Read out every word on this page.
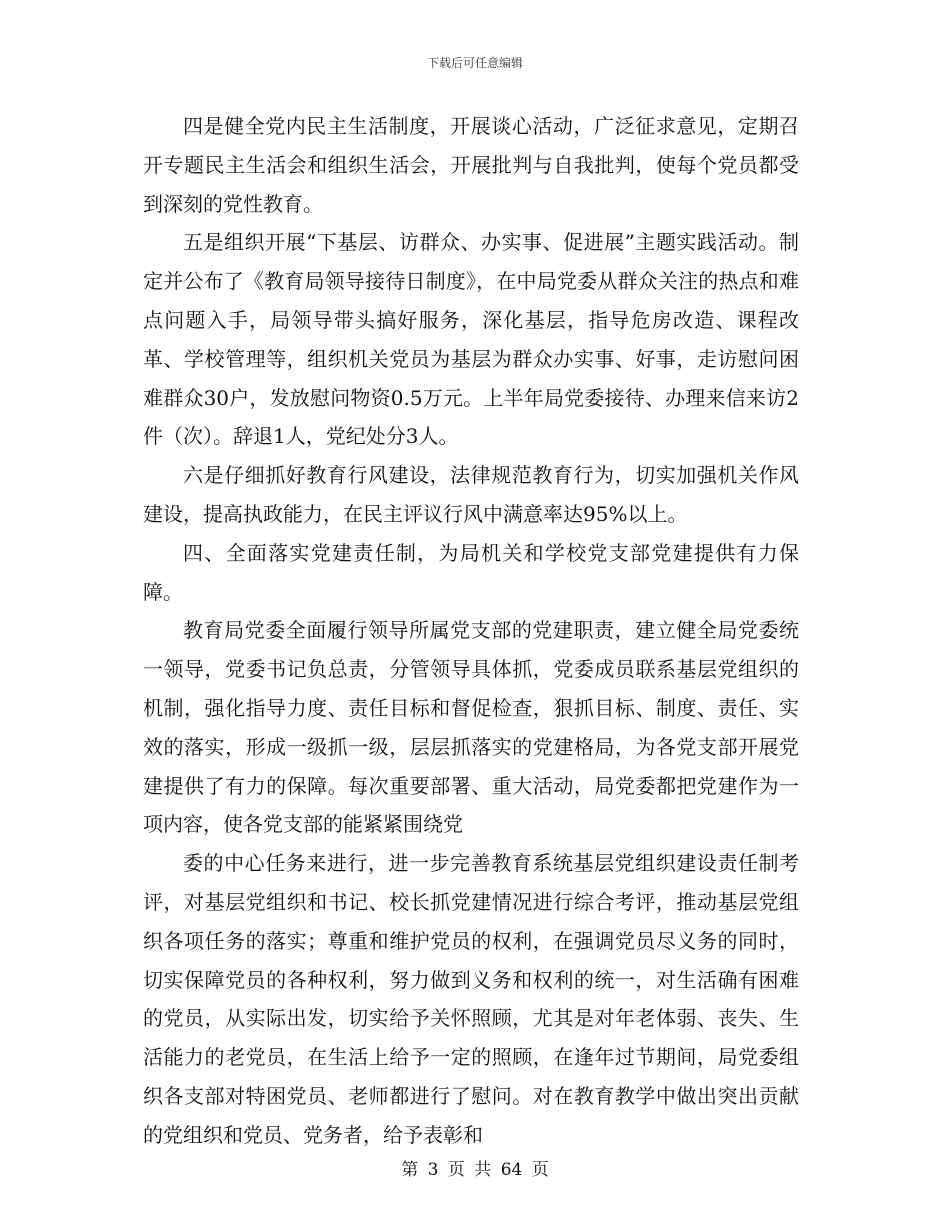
下载后可任意编辑

四是健全党内民主生活制度，开展谈心活动，广泛征求意见，定期召开专题民主生活会和组织生活会，开展批判与自我批判，使每个党员都受到深刻的党性教育。

五是组织开展“下基层、访群众、办实事、促进展”主题实践活动。制定并公布了《教育局领导接待日制度》，在中局党委从群众关注的热点和难点问题入手，局领导带头搞好服务，深化基层，指导危房改造、课程改革、学校管理等，组织机关党员为基层为群众办实事、好事，走访慰问困难群众30户，发放慰问物资0.5万元。上半年局党委接待、办理来信来访2件（次）。辞退1人，党纪处分3人。

六是仔细抓好教育行风建设，法律规范教育行为，切实加强机关作风建设，提高执政能力，在民主评议行风中满意率达95%以上。

四、全面落实党建责任制，为局机关和学校党支部党建提供有力保障。

教育局党委全面履行领导所属党支部的党建职责，建立健全局党委统一领导，党委书记负总责，分管领导具体抓，党委成员联系基层党组织的机制，强化指导力度、责任目标和督促检查，狠抓目标、制度、责任、实效的落实，形成一级抓一级，层层抓落实的党建格局，为各党支部开展党建提供了有力的保障。每次重要部署、重大活动，局党委都把党建作为一项内容，使各党支部的能紧紧围绕党

委的中心任务来进行，进一步完善教育系统基层党组织建设责任制考评，对基层党组织和书记、校长抓党建情况进行综合考评，推动基层党组织各项任务的落实；尊重和维护党员的权利，在强调党员尽义务的同时，切实保障党员的各种权利，努力做到义务和权利的统一，对生活确有困难的党员，从实际出发，切实给予关怀照顾，尤其是对年老体弱、丧失、生活能力的老党员，在生活上给予一定的照顾，在逢年过节期间，局党委组织各支部对特困党员、老师都进行了慰问。对在教育教学中做出突出贡献的党组织和党员、党务者，给予表彰和

第 3 页 共 64 页
